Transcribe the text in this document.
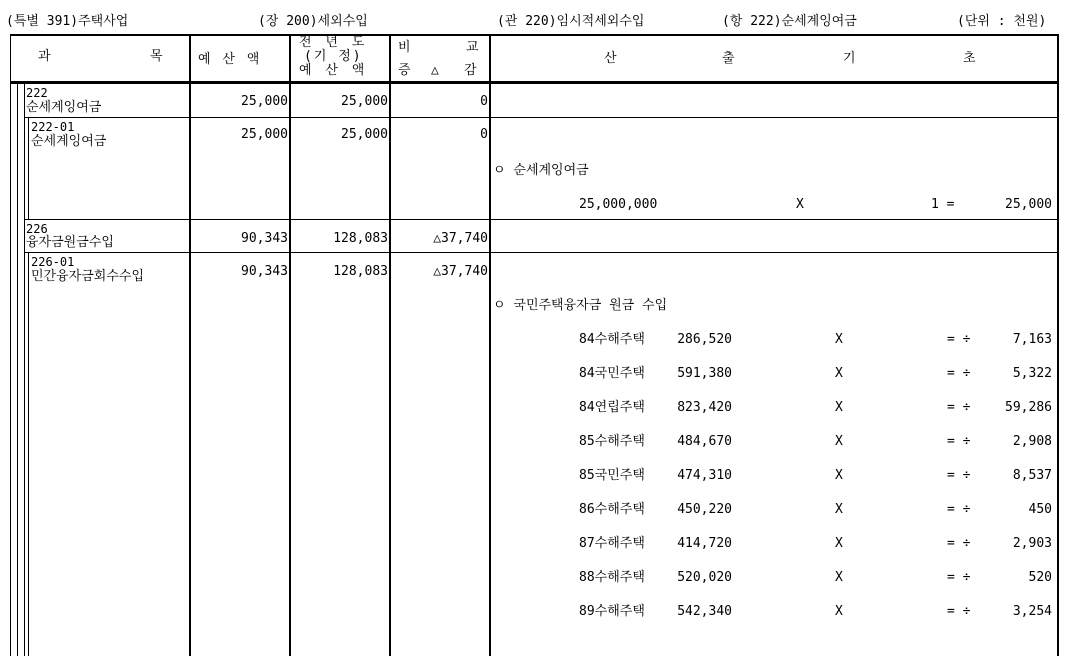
(특별 391)주택사업	(장 200)세외수입	(관 220)임시적세외수입	(항 222)순세계잉여금	(단위 : 천원)
과	목	예 산 액
전 년 도
(기 정)
예 산 액
비	교
증 △ 감
산	출	기	초
222
순세계잉여금	25,000	25,000	0
222-01
순세계잉여금	25,000	25,000	0
ㅇ 순세계잉여금
25,000,000	X	1 =	25,000
226
융자금원금수입	90,343	128,083	△37,740
226-01
민간융자금회수수입	90,343	128,083	△37,740
ㅇ 국민주택융자금 원금 수입
84수해주택	286,520	X	= ÷	7,163
84국민주택	591,380	X	= ÷	5,322
84연립주택	823,420	X	= ÷	59,286
85수해주택	484,670	X	= ÷	2,908
85국민주택	474,310	X	= ÷	8,537
86수해주택	450,220	X	= ÷	450
87수해주택	414,720	X	= ÷	2,903
88수해주택	520,020	X	= ÷	520
89수해주택	542,340	X	= ÷	3,254
